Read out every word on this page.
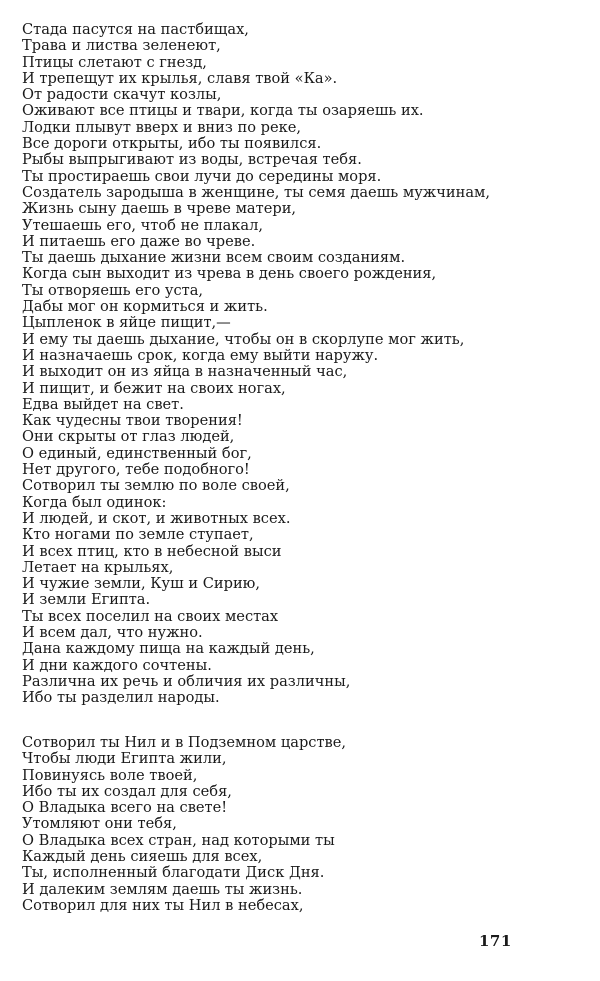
Стада пасутся на пастбищах,
Трава и листва зеленеют,
Птицы слетают с гнезд,
И трепещут их крылья, славя твой «Ка».
От радости скачут козлы,
Оживают все птицы и твари, когда ты озаряешь их.
Лодки плывут вверх и вниз по реке,
Все дороги открыты, ибо ты появился.
Рыбы выпрыгивают из воды, встречая тебя.
Ты простираешь свои лучи до середины моря.
Создатель зародыша в женщине, ты семя даешь мужчинам,
Жизнь сыну даешь в чреве матери,
Утешаешь его, чтоб не плакал,
И питаешь его даже во чреве.
Ты даешь дыхание жизни всем своим созданиям.
Когда сын выходит из чрева в день своего рождения,
Ты отворяешь его уста,
Дабы мог он кормиться и жить.
Цыпленок в яйце пищит,—
И ему ты даешь дыхание, чтобы он в скорлупе мог жить,
И назначаешь срок, когда ему выйти наружу.
И выходит он из яйца в назначенный час,
И пищит, и бежит на своих ногах,
Едва выйдет на свет.
Как чудесны твои творения!
Они скрыты от глаз людей,
О единый, единственный бог,
Нет другого, тебе подобного!
Сотворил ты землю по воле своей,
Когда был одинок:
И людей, и скот, и животных всех.
Кто ногами по земле ступает,
И всех птиц, кто в небесной выси
Летает на крыльях,
И чужие земли, Куш и Сирию,
И земли Египта.
Ты всех поселил на своих местах
И всем дал, что нужно.
Дана каждому пища на каждый день,
И дни каждого сочтены.
Различна их речь и обличия их различны,
Ибо ты разделил народы.
Сотворил ты Нил и в Подземном царстве,
Чтобы люди Египта жили,
Повинуясь воле твоей,
Ибо ты их создал для себя,
О Владыка всего на свете!
Утомляют они тебя,
О Владыка всех стран, над которыми ты
Каждый день сияешь для всех,
Ты, исполненный благодати Диск Дня.
И далеким землям даешь ты жизнь.
Сотворил для них ты Нил в небесах,
171
